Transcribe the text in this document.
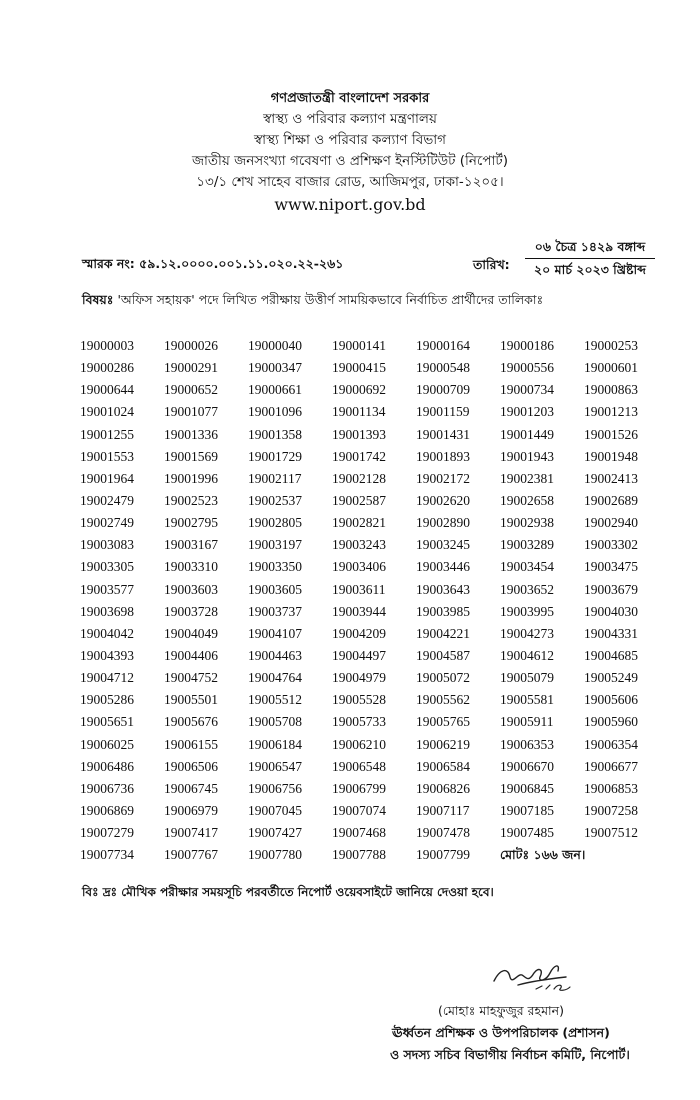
গণপ্রজাতন্ত্রী বাংলাদেশ সরকার
স্বাস্থ্য ও পরিবার কল্যাণ মন্ত্রণালয়
স্বাস্থ্য শিক্ষা ও পরিবার কল্যাণ বিভাগ
জাতীয় জনসংখ্যা গবেষণা ও প্রশিক্ষণ ইনস্টিটিউট (নিপোর্ট)
১৩/১ শেখ সাহেব বাজার রোড, আজিমপুর, ঢাকা-১২০৫।
www.niport.gov.bd
স্মারক নং: ৫৯.১২.০০০০.০০১.১১.০২০.২২-২৬১	তারিখ:
০৬ চৈত্র ১৪২৯ বঙ্গাব্দ
২০ মার্চ ২০২৩ খ্রিষ্টাব্দ
বিষয়ঃ 'অফিস সহায়ক' পদে লিখিত পরীক্ষায় উত্তীর্ণ সাময়িকভাবে নির্বাচিত প্রার্থীদের তালিকাঃ
19000003	19000026	19000040	19000141	19000164	19000186	19000253
19000286	19000291	19000347	19000415	19000548	19000556	19000601
19000644	19000652	19000661	19000692	19000709	19000734	19000863
19001024	19001077	19001096	19001134	19001159	19001203	19001213
19001255	19001336	19001358	19001393	19001431	19001449	19001526
19001553	19001569	19001729	19001742	19001893	19001943	19001948
19001964	19001996	19002117	19002128	19002172	19002381	19002413
19002479	19002523	19002537	19002587	19002620	19002658	19002689
19002749	19002795	19002805	19002821	19002890	19002938	19002940
19003083	19003167	19003197	19003243	19003245	19003289	19003302
19003305	19003310	19003350	19003406	19003446	19003454	19003475
19003577	19003603	19003605	19003611	19003643	19003652	19003679
19003698	19003728	19003737	19003944	19003985	19003995	19004030
19004042	19004049	19004107	19004209	19004221	19004273	19004331
19004393	19004406	19004463	19004497	19004587	19004612	19004685
19004712	19004752	19004764	19004979	19005072	19005079	19005249
19005286	19005501	19005512	19005528	19005562	19005581	19005606
19005651	19005676	19005708	19005733	19005765	19005911	19005960
19006025	19006155	19006184	19006210	19006219	19006353	19006354
19006486	19006506	19006547	19006548	19006584	19006670	19006677
19006736	19006745	19006756	19006799	19006826	19006845	19006853
19006869	19006979	19007045	19007074	19007117	19007185	19007258
19007279	19007417	19007427	19007468	19007478	19007485	19007512
19007734	19007767	19007780	19007788	19007799	মোটঃ ১৬৬ জন।
বিঃ দ্রঃ মৌখিক পরীক্ষার সময়সূচি পরবর্তীতে নিপোর্ট ওয়েবসাইটে জানিয়ে দেওয়া হবে।
(মোহাঃ মাহফুজুর রহমান)
ঊর্ধ্বতন প্রশিক্ষক ও উপপরিচালক (প্রশাসন)
ও সদস্য সচিব বিভাগীয় নির্বাচন কমিটি, নিপোর্ট।
